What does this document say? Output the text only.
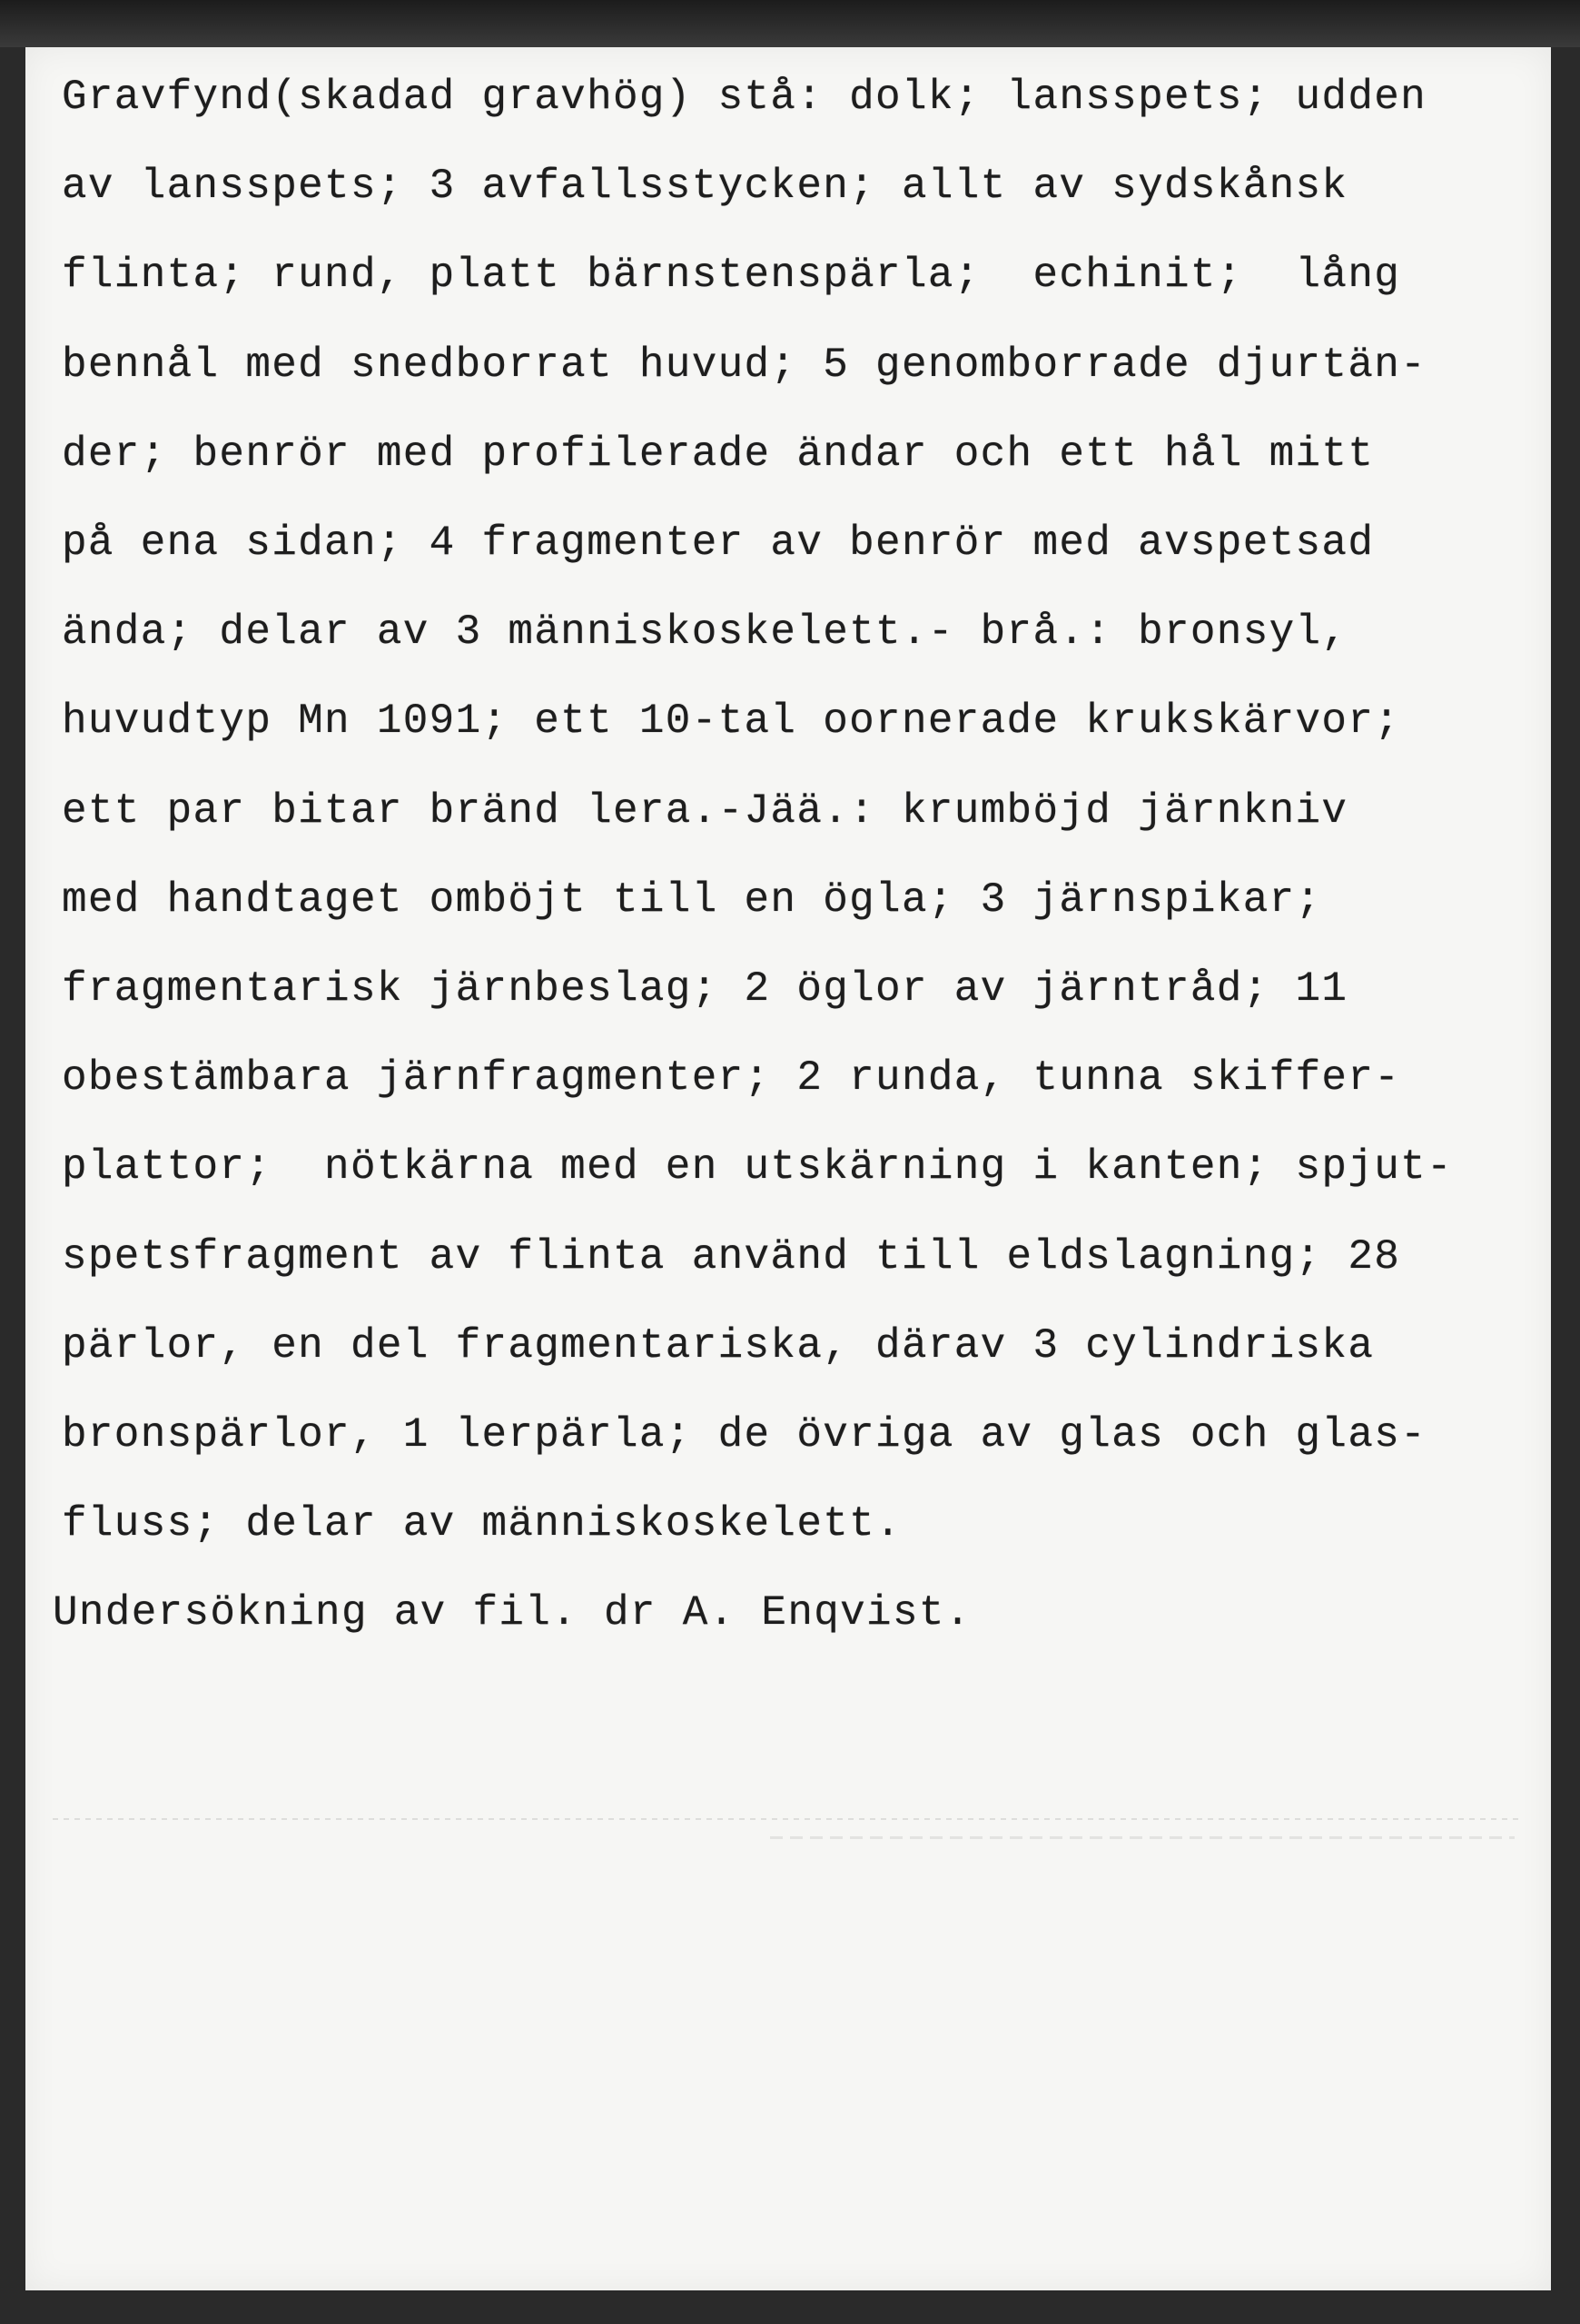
Gravfynd(skadad gravhög) stå: dolk; lansspets; udden
av lansspets; 3 avfallsstycken; allt av sydskånsk
flinta; rund, platt bärnstenspärla;  echinit;  lång
bennål med snedborrat huvud; 5 genomborrade djurtän-
der; benrör med profilerade ändar och ett hål mitt
på ena sidan; 4 fragmenter av benrör med avspetsad
ända; delar av 3 människoskelett.- brå.: bronsyl,
huvudtyp Mn 1091; ett 10-tal oornerade krukskärvor;
ett par bitar bränd lera.-Jää.: krumböjd järnkniv
med handtaget omböjt till en ögla; 3 järnspikar;
fragmentarisk järnbeslag; 2 öglor av järntråd; 11
obestämbara järnfragmenter; 2 runda, tunna skiffer-
plattor;  nötkärna med en utskärning i kanten; spjut-
spetsfragment av flinta använd till eldslagning; 28
pärlor, en del fragmentariska, därav 3 cylindriska
bronspärlor, 1 lerpärla; de övriga av glas och glas-
fluss; delar av människoskelett.
Undersökning av fil. dr A. Enqvist.
